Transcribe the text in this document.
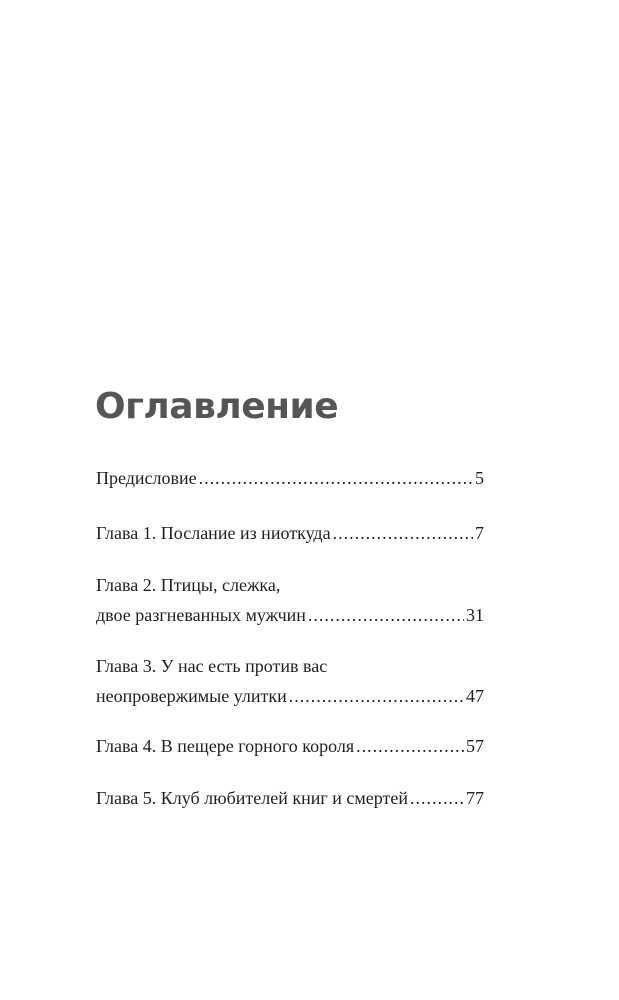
Оглавление
Предисловие .....	5
Глава 1. Послание из ниоткуда .....	7
Глава 2. Птицы, слежка,
двое разгневанных мужчин .....	31
Глава 3. У нас есть против вас
неопровержимые улитки .....	47
Глава 4. В пещере горного короля .....	57
Глава 5. Клуб любителей книг и смертей .....	77
